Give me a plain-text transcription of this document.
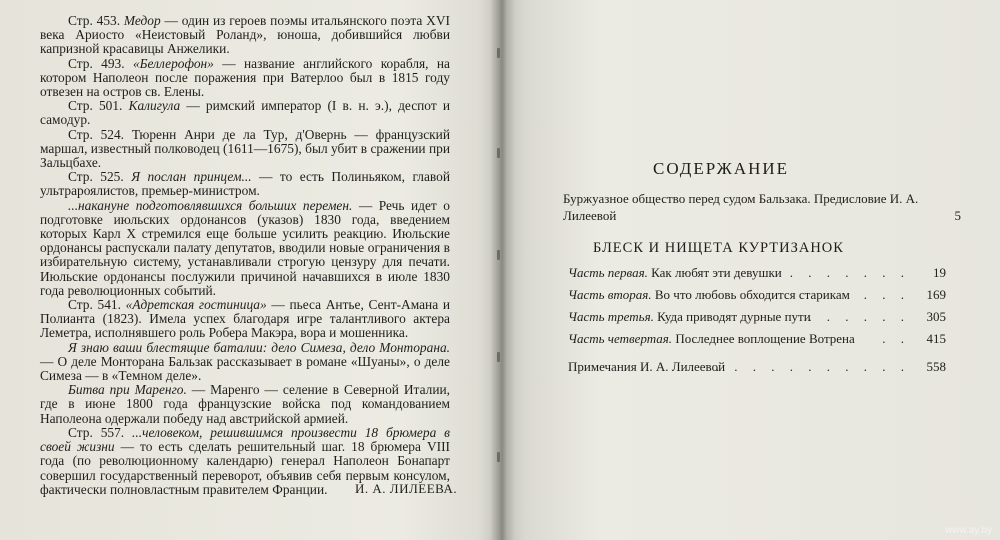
Стр. 453. Медор — один из героев поэмы итальянского поэта XVI века Ариосто «Неистовый Роланд», юноша, добившийся любви капризной красавицы Анжелики.

Стр. 493. «Беллерофон» — название английского корабля, на котором Наполеон после поражения при Ватерлоо был в 1815 году отвезен на остров св. Елены.

Стр. 501. Калигула — римский император (I в. н. э.), деспот и самодур.

Стр. 524. Тюренн Анри де ла Тур, д'Овернь — французский маршал, известный полководец (1611—1675), был убит в сражении при Зальцбахе.

Стр. 525. Я послан принцем... — то есть Полиньяком, главой ультрароялистов, премьер-министром.

...накануне подготовлявшихся больших перемен. — Речь идет о подготовке июльских ордонансов (указов) 1830 года, введением которых Карл X стремился еще больше усилить реакцию. Июльские ордонансы распускали палату депутатов, вводили новые ограничения в избирательную систему, устанавливали строгую цензуру для печати. Июльские ордонансы послужили причиной начавшихся в июле 1830 года революционных событий.

Стр. 541. «Адретская гостиница» — пьеса Антье, Сент-Амана и Полианта (1823). Имела успех благодаря игре талантливого актера Леметра, исполнявшего роль Робера Макэра, вора и мошенника.

Я знаю ваши блестящие баталии: дело Симеза, дело Монторана. — О деле Монторана Бальзак рассказывает в романе «Шуаны», о деле Симеза — в «Темном деле».

Битва при Маренго. — Маренго — селение в Северной Италии, где в июне 1800 года французские войска под командованием Наполеона одержали победу над австрийской армией.

Стр. 557. ...человеком, решившимся произвести 18 брюмера в своей жизни — то есть сделать решительный шаг. 18 брюмера VIII года (по революционному календарю) генерал Наполеон Бонапарт совершил государственный переворот, объявив себя первым консулом, фактически полновластным правителем Франции.	И. А. ЛИЛЕЕВА.
СОДЕРЖАНИЕ
Буржуазное общество перед судом Бальзака. Предисловие И. А. Лилеевой	5
БЛЕСК И НИЩЕТА КУРТИЗАНОК
Часть первая. Как любят эти девушки . . . . . . . 19
Часть вторая. Во что любовь обходится старикам . . . 169
Часть третья. Куда приводят дурные пути
. . . . . . 305
Часть четвертая. Последнее воплощение Вотрена . . 415
Примечания И. А. Лилеевой
. . . . . . . . . . . 558
www.ay.by
